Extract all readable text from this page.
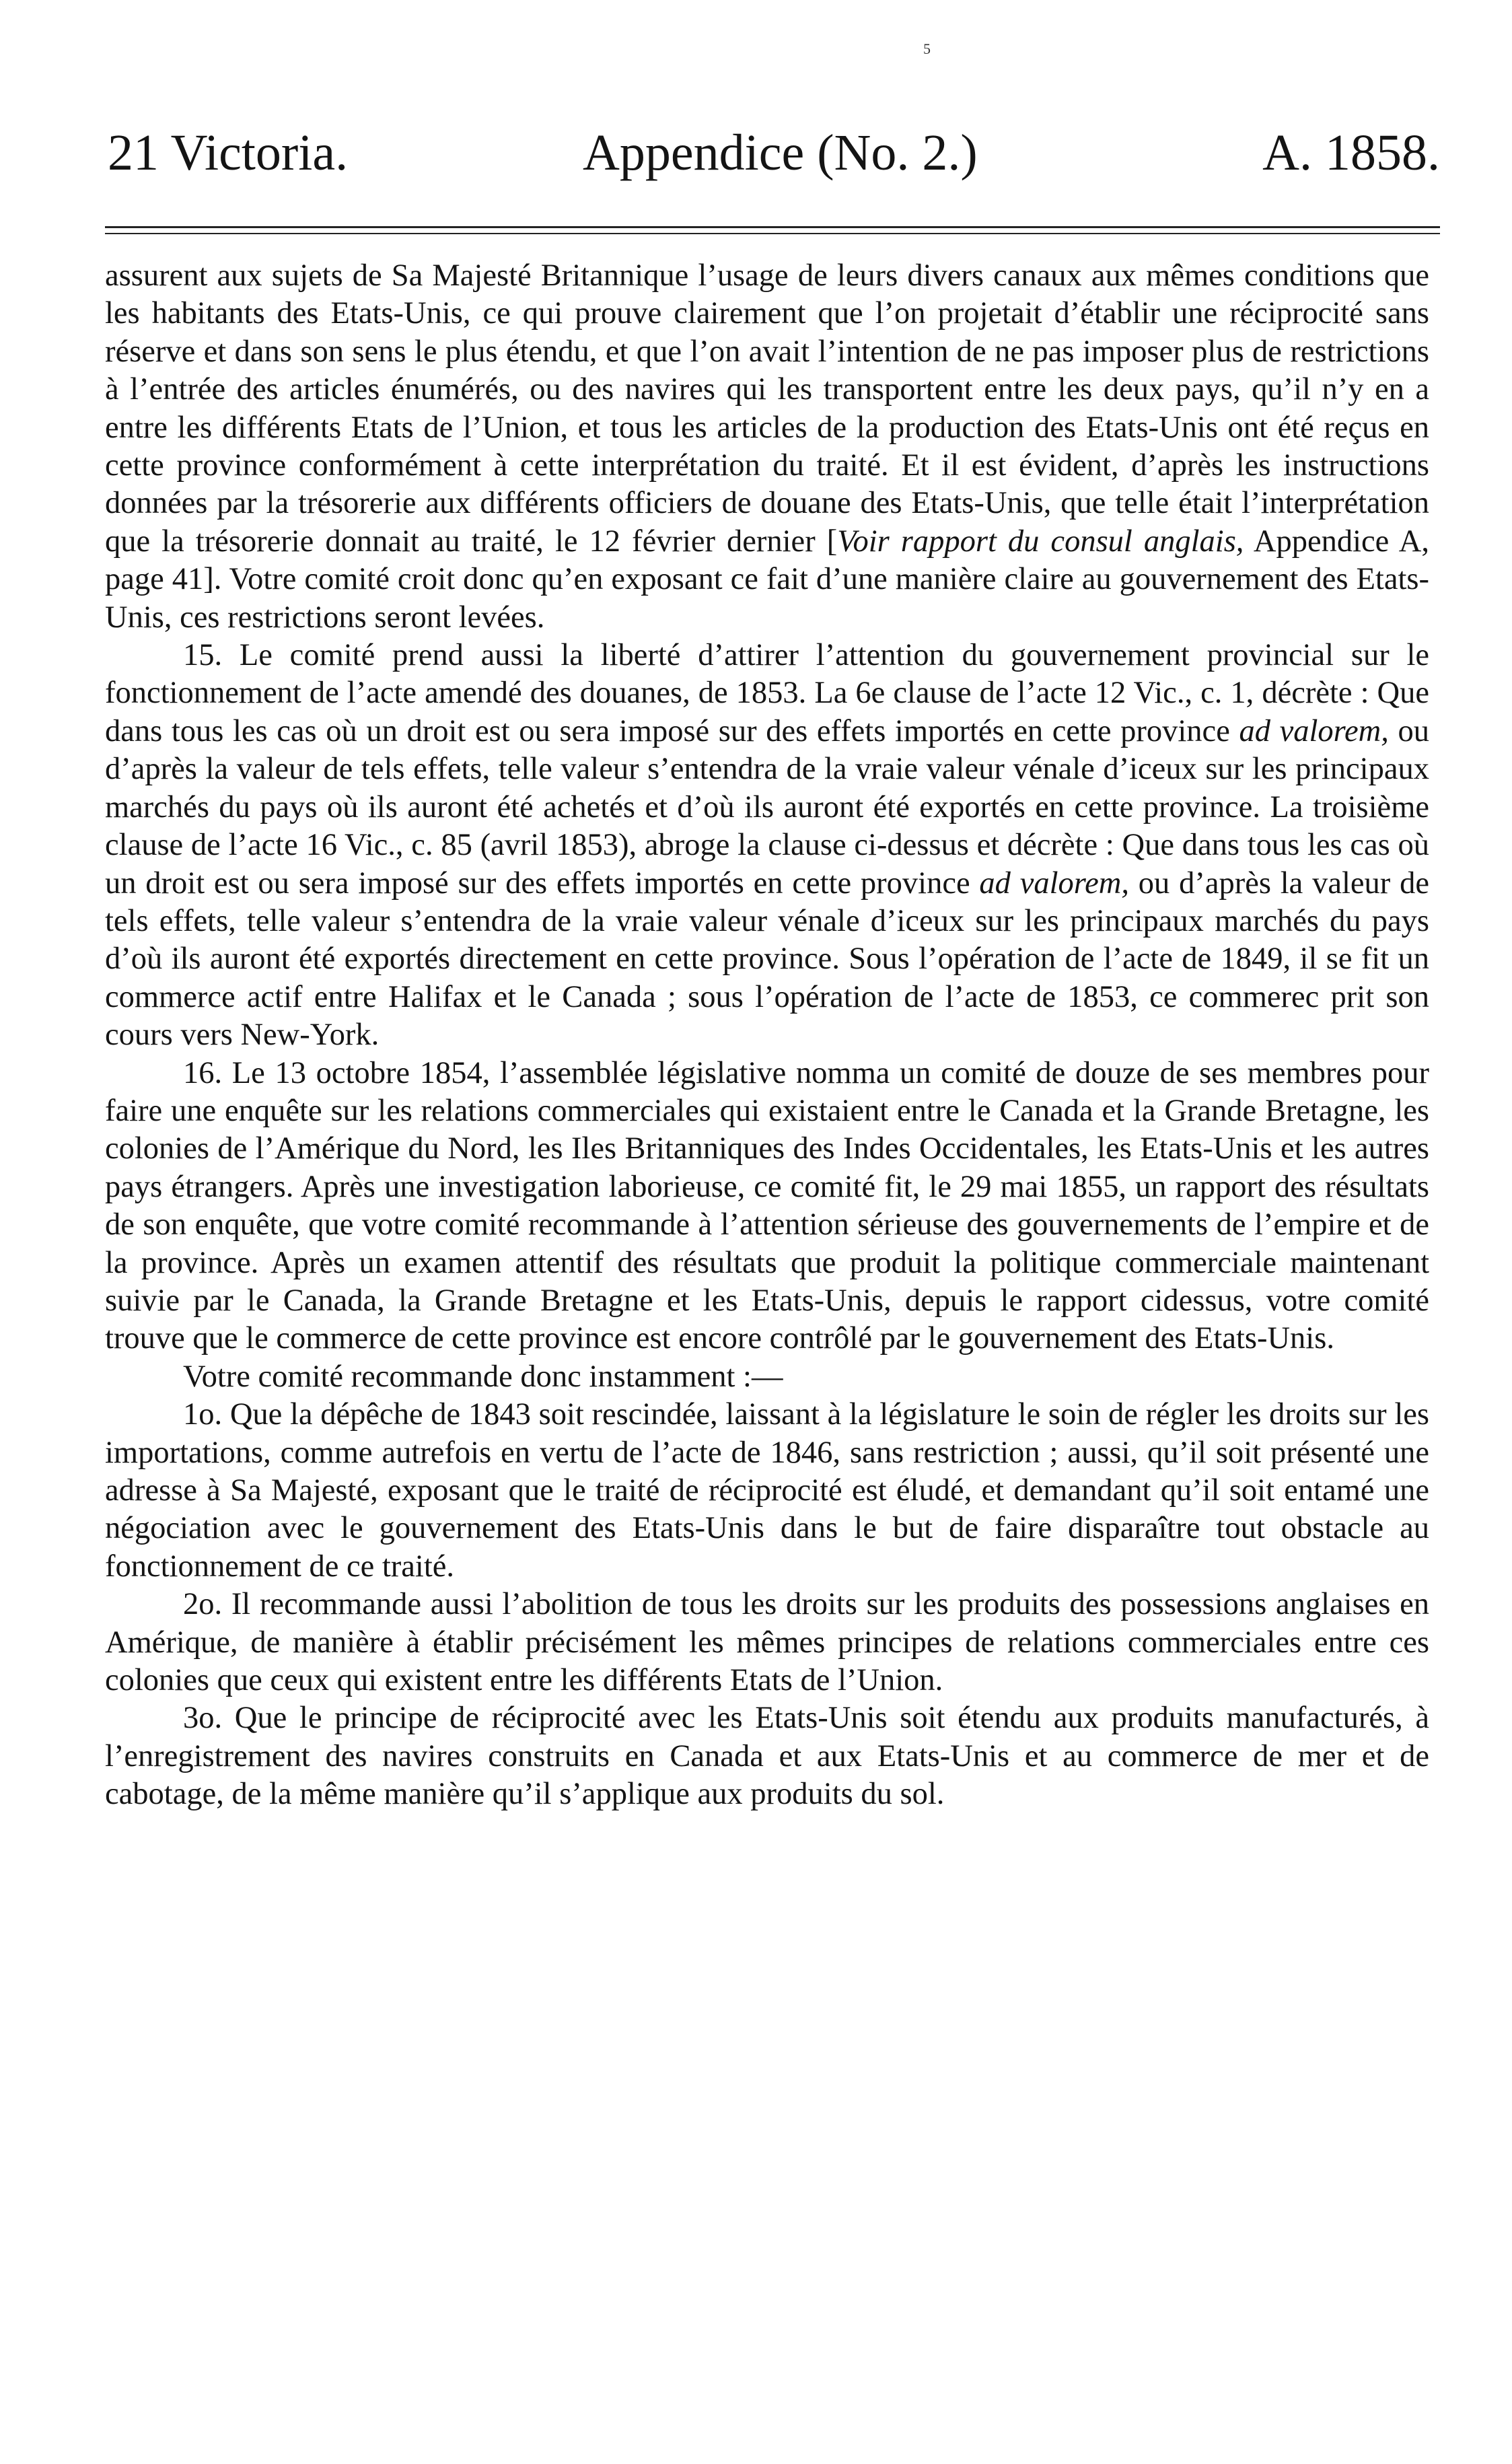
5
21 Victoria.	Appendice (No. 2.)	A. 1858.

assurent aux sujets de Sa Majesté Britannique l’usage de leurs divers canaux aux mêmes conditions que les habitants des Etats-Unis, ce qui prouve clairement que l’on projetait d’établir une réciprocité sans réserve et dans son sens le plus étendu, et que l’on avait l’intention de ne pas imposer plus de restrictions à l’entrée des articles énumérés, ou des navires qui les transportent entre les deux pays, qu’il n’y en a entre les différents Etats de l’Union, et tous les articles de la production des Etats-Unis ont été reçus en cette province conformément à cette interprétation du traité. Et il est évident, d’après les instructions données par la trésorerie aux différents officiers de douane des Etats-Unis, que telle était l’interprétation que la trésorerie donnait au traité, le 12 février dernier [Voir rapport du consul anglais, Appendice A, page 41]. Votre comité croit donc qu’en exposant ce fait d’une manière claire au gouvernement des Etats-Unis, ces restrictions seront levées.

15. Le comité prend aussi la liberté d’attirer l’attention du gouvernement provincial sur le fonctionnement de l’acte amendé des douanes, de 1853. La 6e clause de l’acte 12 Vic., c. 1, décrète : Que dans tous les cas où un droit est ou sera imposé sur des effets importés en cette province ad valorem, ou d’après la valeur de tels effets, telle valeur s’entendra de la vraie valeur vénale d’iceux sur les principaux marchés du pays où ils auront été achetés et d’où ils auront été exportés en cette province. La troisième clause de l’acte 16 Vic., c. 85 (avril 1853), abroge la clause ci-dessus et décrète : Que dans tous les cas où un droit est ou sera imposé sur des effets importés en cette province ad valorem, ou d’après la valeur de tels effets, telle valeur s’entendra de la vraie valeur vénale d’iceux sur les principaux marchés du pays d’où ils auront été exportés directement en cette province. Sous l’opération de l’acte de 1849, il se fit un commerce actif entre Halifax et le Canada ; sous l’opération de l’acte de 1853, ce commerec prit son cours vers New-York.

16. Le 13 octobre 1854, l’assemblée législative nomma un comité de douze de ses membres pour faire une enquête sur les relations commerciales qui existaient entre le Canada et la Grande Bretagne, les colonies de l’Amérique du Nord, les Iles Britanniques des Indes Occidentales, les Etats-Unis et les autres pays étrangers. Après une investigation laborieuse, ce comité fit, le 29 mai 1855, un rapport des résultats de son enquête, que votre comité recommande à l’attention sérieuse des gouvernements de l’empire et de la province. Après un examen attentif des résultats que produit la politique commerciale maintenant suivie par le Canada, la Grande Bretagne et les Etats-Unis, depuis le rapport cidessus, votre comité trouve que le commerce de cette province est encore contrôlé par le gouvernement des Etats-Unis.

Votre comité recommande donc instamment :—

1o. Que la dépêche de 1843 soit rescindée, laissant à la législature le soin de régler les droits sur les importations, comme autrefois en vertu de l’acte de 1846, sans restriction ; aussi, qu’il soit présenté une adresse à Sa Majesté, exposant que le traité de réciprocité est éludé, et demandant qu’il soit entamé une négociation avec le gouvernement des Etats-Unis dans le but de faire disparaître tout obstacle au fonctionnement de ce traité.

2o. Il recommande aussi l’abolition de tous les droits sur les produits des possessions anglaises en Amérique, de manière à établir précisément les mêmes principes de relations commerciales entre ces colonies que ceux qui existent entre les différents Etats de l’Union.

3o. Que le principe de réciprocité avec les Etats-Unis soit étendu aux produits manufacturés, à l’enregistrement des navires construits en Canada et aux Etats-Unis et au commerce de mer et de cabotage, de la même manière qu’il s’applique aux produits du sol.
